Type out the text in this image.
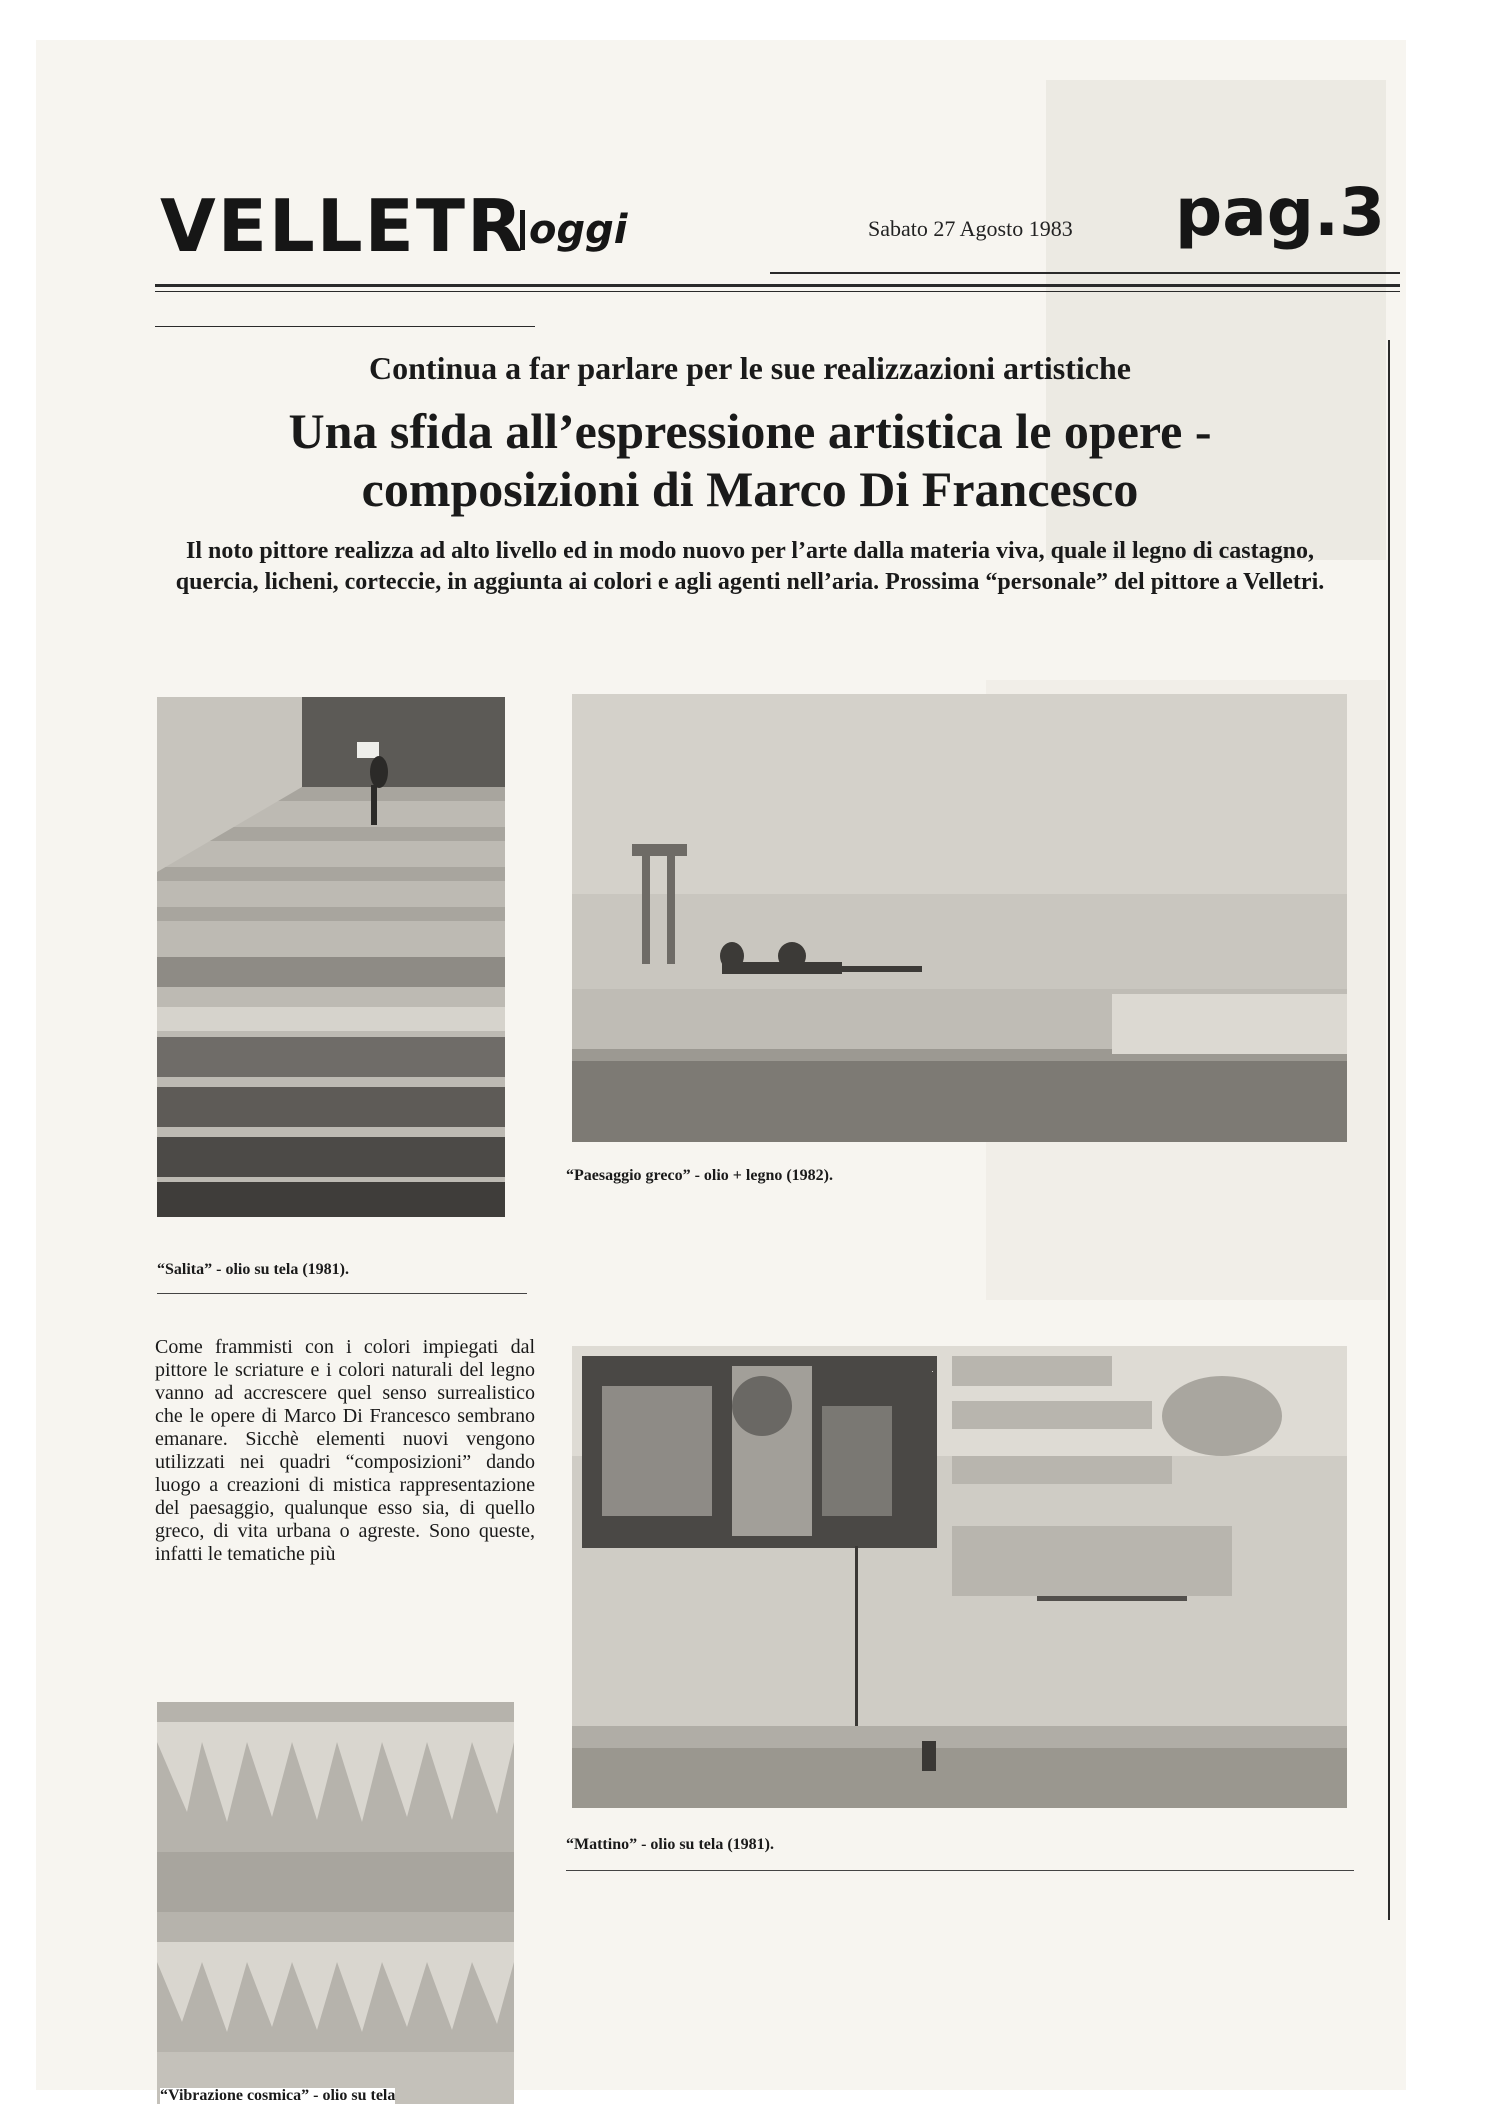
VELLETR oggi	Sabato 27 Agosto 1983 pag.3
Continua a far parlare per le sue realizzazioni artistiche
Una sfida all’espressione artistica le opere - composizioni di Marco Di Francesco
Il noto pittore realizza ad alto livello ed in modo nuovo per l’arte dalla materia viva, quale il legno di castagno, quercia, licheni, corteccie, in aggiunta ai colori e agli agenti nell’aria. Prossima “personale” del pittore a Velletri.
“Salita” - olio su tela (1981).
“Paesaggio greco” - olio + legno (1982).
“Mattino” - olio su tela (1981).
“Vibrazione cosmica” - olio su tela

Come frammisti con i colori impiegati dal pittore le scriature e i colori naturali del legno vanno ad accrescere quel senso surrealistico che le opere di Marco Di Francesco sembrano emanare. Sicchè elementi nuovi vengono utilizzati nei quadri “composizioni” dando luogo a creazioni di mistica rappresentazione del paesaggio, qualunque esso sia, di quello greco, di vita urbana o agreste. Sono queste, infatti le tematiche più
